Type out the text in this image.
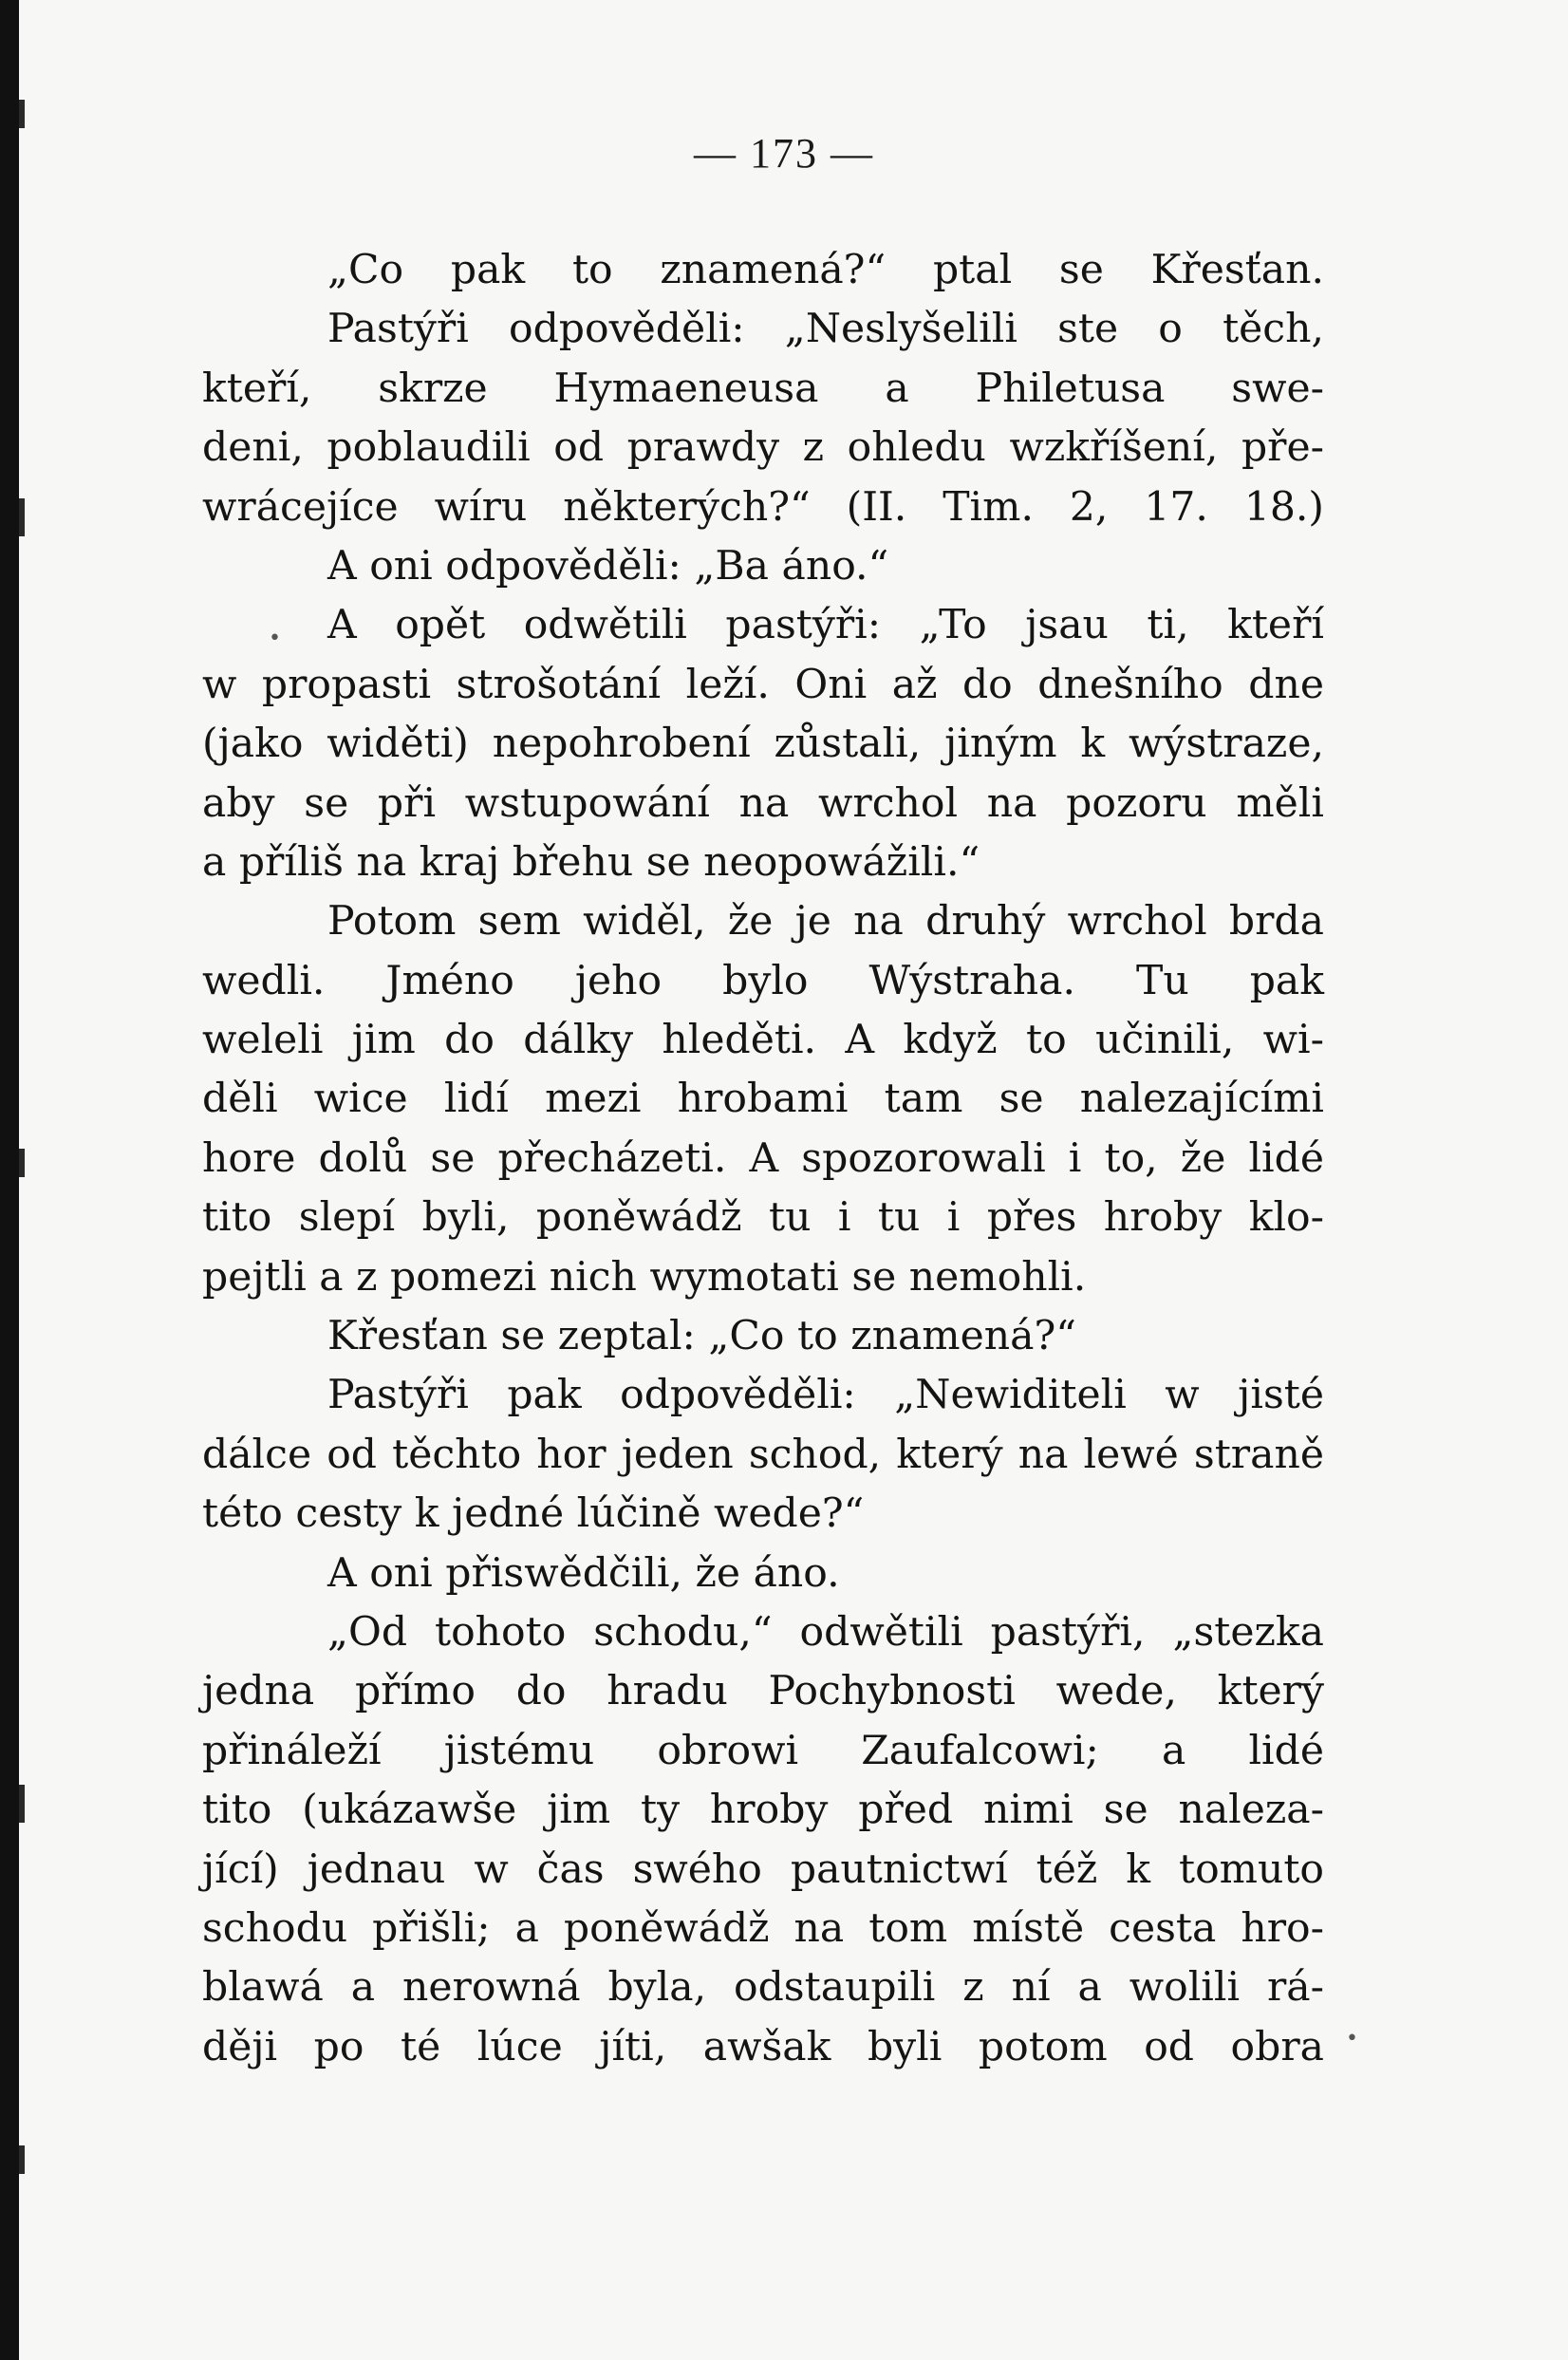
— 173 —
•
•
„Co pak to znamená?“ ptal se Křesťan.
Pastýři odpověděli: „Neslyšelili ste o těch,
kteří, skrze Hymaeneusa a Philetusa swe-
deni, poblaudili od prawdy z ohledu wzkříšení, pře-
wrácejíce wíru některých?“ (II. Tim. 2, 17. 18.)
A oni odpověděli: „Ba áno.“
A opět odwětili pastýři: „To jsau ti, kteří
w propasti strošotání leží. Oni až do dnešního dne
(jako widěti) nepohrobení zůstali, jiným k wýstraze,
aby se při wstupowání na wrchol na pozoru měli
a příliš na kraj břehu se neopowážili.“
Potom sem widěl, že je na druhý wrchol brda
wedli. Jméno jeho bylo Wýstraha. Tu pak
weleli jim do dálky hleděti. A když to učinili, wi-
děli wice lidí mezi hrobami tam se nalezajícími
hore dolů se přecházeti. A spozorowali i to, že lidé
tito slepí byli, poněwádž tu i tu i přes hroby klo-
pejtli a z pomezi nich wymotati se nemohli.
Křesťan se zeptal: „Co to znamená?“
Pastýři pak odpověděli: „Newiditeli w jisté
dálce od těchto hor jeden schod, který na lewé straně
této cesty k jedné lúčině wede?“
A oni přiswědčili, že áno.
„Od tohoto schodu,“ odwětili pastýři, „stezka
jedna přímo do hradu Pochybnosti wede, který
přináleží jistému obrowi Zaufalcowi; a lidé
tito (ukázawše jim ty hroby před nimi se naleza-
jící) jednau w čas swého pautnictwí též k tomuto
schodu přišli; a poněwádž na tom místě cesta hro-
blawá a nerowná byla, odstaupili z ní a wolili rá-
ději po té lúce jíti, awšak byli potom od obra
